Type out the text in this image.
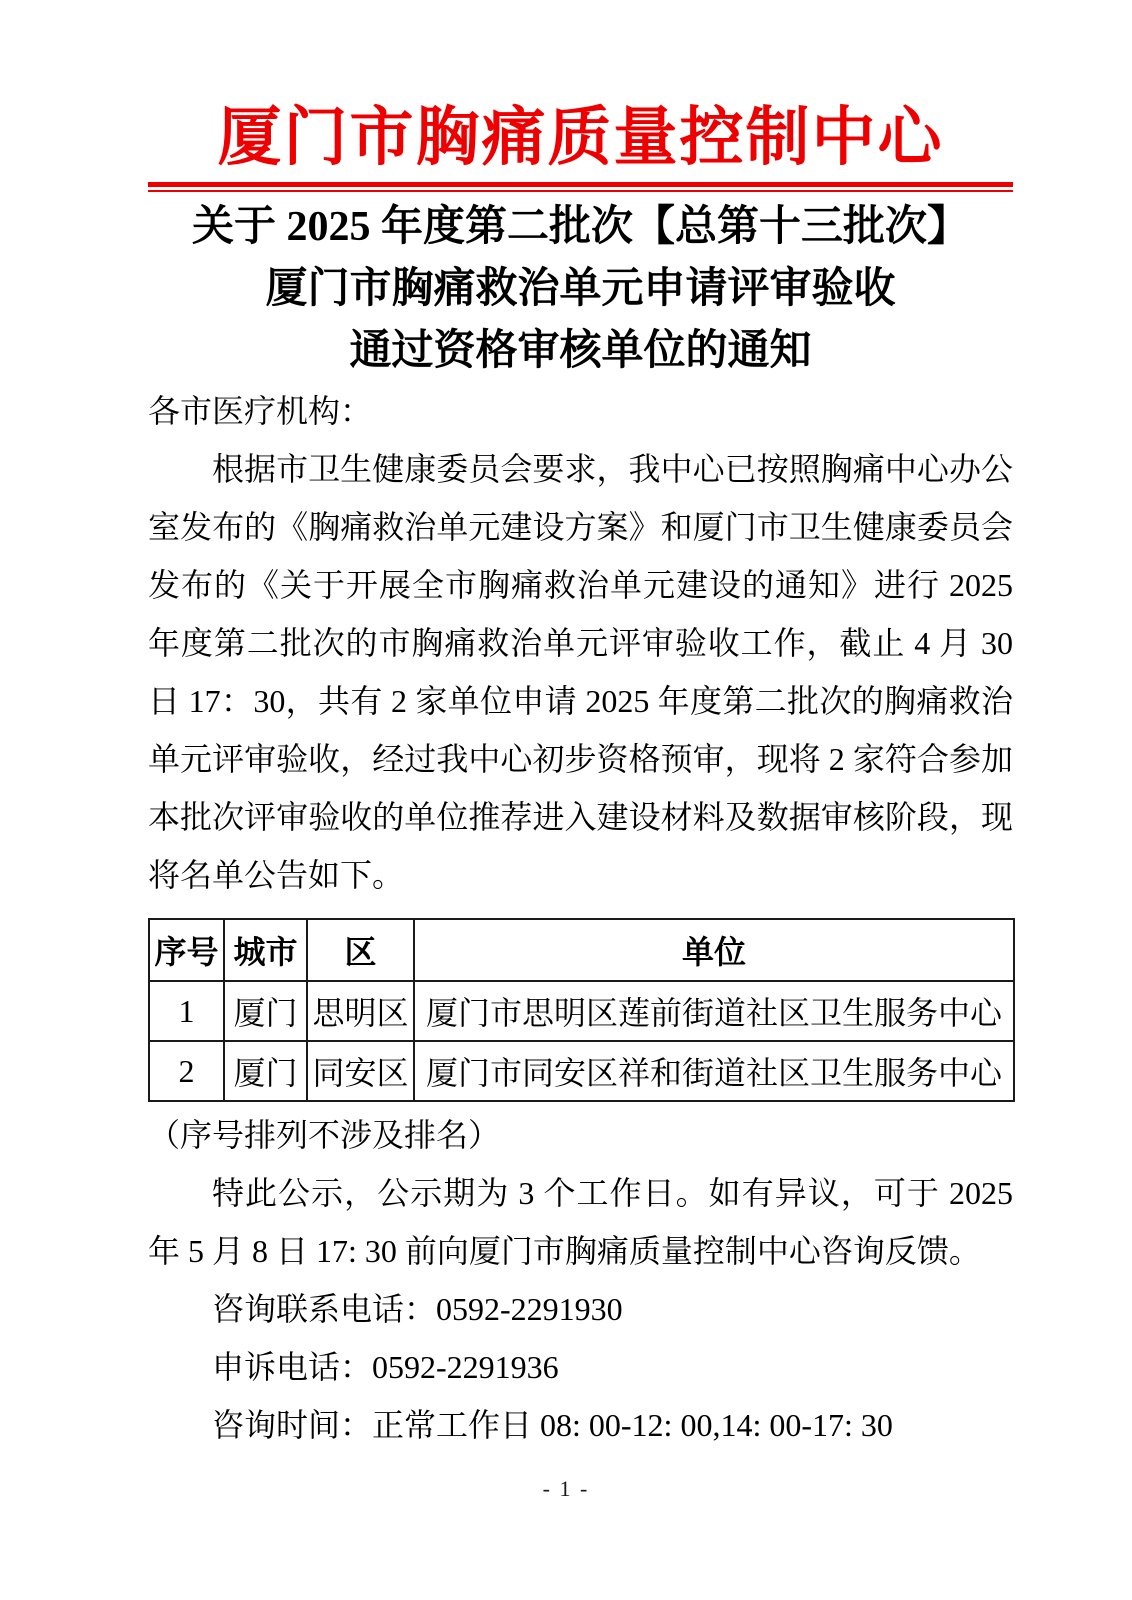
厦门市胸痛质量控制中心
关于 2025 年度第二批次【总第十三批次】
厦门市胸痛救治单元申请评审验收
通过资格审核单位的通知

各市医疗机构：

根据市卫生健康委员会要求，我中心已按照胸痛中心办公室发布的《胸痛救治单元建设方案》和厦门市卫生健康委员会发布的《关于开展全市胸痛救治单元建设的通知》进行 2025 年度第二批次的市胸痛救治单元评审验收工作，截止 4 月 30 日 17：30，共有 2 家单位申请 2025 年度第二批次的胸痛救治单元评审验收，经过我中心初步资格预审，现将 2 家符合参加本批次评审验收的单位推荐进入建设材料及数据审核阶段，现将名单公告如下。

序号	城市	区	单位
1	厦门	思明区	厦门市思明区莲前街道社区卫生服务中心
2	厦门	同安区	厦门市同安区祥和街道社区卫生服务中心

（序号排列不涉及排名）

特此公示，公示期为 3 个工作日。如有异议，可于 2025 年 5 月 8 日 17: 30 前向厦门市胸痛质量控制中心咨询反馈。

咨询联系电话：0592-2291930

申诉电话：0592-2291936

咨询时间：正常工作日 08: 00-12: 00,14: 00-17: 30

- 1 -
